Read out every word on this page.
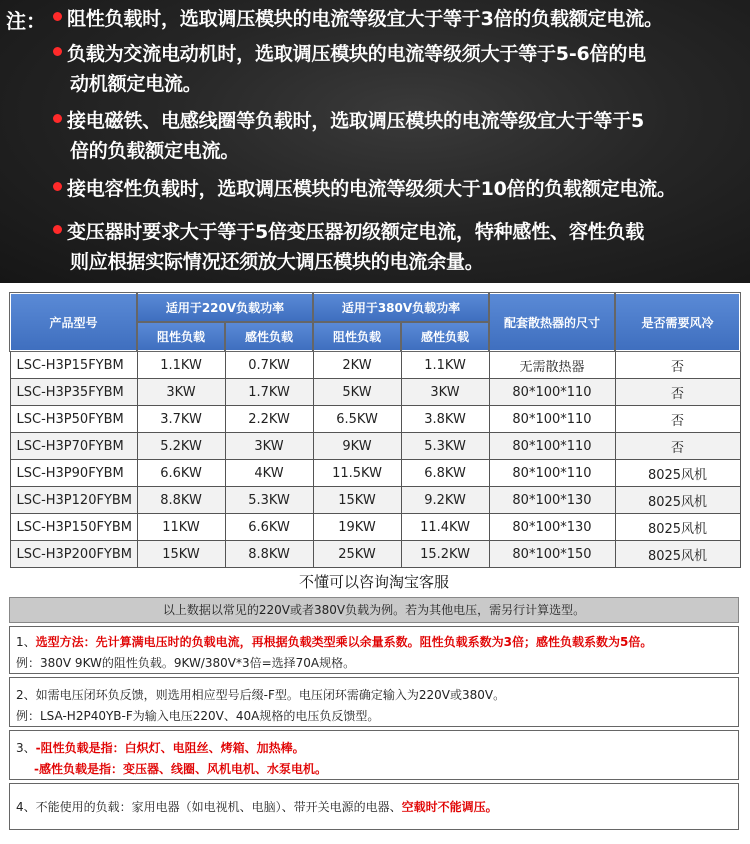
注： 阻性负载时，选取调压模块的电流等级宜大于等于3倍的负载额定电流。
负载为交流电动机时，选取调压模块的电流等级须大于等于5-6倍的电
动机额定电流。
接电磁铁、电感线圈等负载时，选取调压模块的电流等级宜大于等于5
倍的负载额定电流。
接电容性负载时，选取调压模块的电流等级须大于10倍的负载额定电流。
变压器时要求大于等于5倍变压器初级额定电流，特种感性、容性负载
则应根据实际情况还须放大调压模块的电流余量。
产品型号	适用于220V负载功率		适用于380V负载功率		配套散热器的尺寸	是否需要风冷
	阻性负载	感性负载	阻性负载	感性负载		
LSC-H3P15FYBM	1.1KW	0.7KW	2KW	1.1KW	无需散热器	否
LSC-H3P35FYBM	3KW	1.7KW	5KW	3KW	80*100*110	否
LSC-H3P50FYBM	3.7KW	2.2KW	6.5KW	3.8KW	80*100*110	否
LSC-H3P70FYBM	5.2KW	3KW	9KW	5.3KW	80*100*110	否
LSC-H3P90FYBM	6.6KW	4KW	11.5KW	6.8KW	80*100*110	8025风机
LSC-H3P120FYBM	8.8KW	5.3KW	15KW	9.2KW	80*100*130	8025风机
LSC-H3P150FYBM	11KW	6.6KW	19KW	11.4KW	80*100*130	8025风机
LSC-H3P200FYBM	15KW	8.8KW	25KW	15.2KW	80*100*150	8025风机
不懂可以咨询淘宝客服
以上数据以常见的220V或者380V负载为例。若为其他电压，需另行计算选型。
1、选型方法：先计算满电压时的负载电流，再根据负载类型乘以余量系数。阻性负载系数为3倍；感性负载系数为5倍。
例：380V 9KW的阻性负载。9KW/380V*3倍=选择70A规格。
2、如需电压闭环负反馈，则选用相应型号后缀-F型。电压闭环需确定输入为220V或380V。
例：LSA-H2P40YB-F为输入电压220V、40A规格的电压负反馈型。
3、-阻性负载是指：白炽灯、电阻丝、烤箱、加热棒。
-感性负载是指：变压器、线圈、风机电机、水泵电机。
4、不能使用的负载：家用电器（如电视机、电脑）、带开关电源的电器、空载时不能调压。
